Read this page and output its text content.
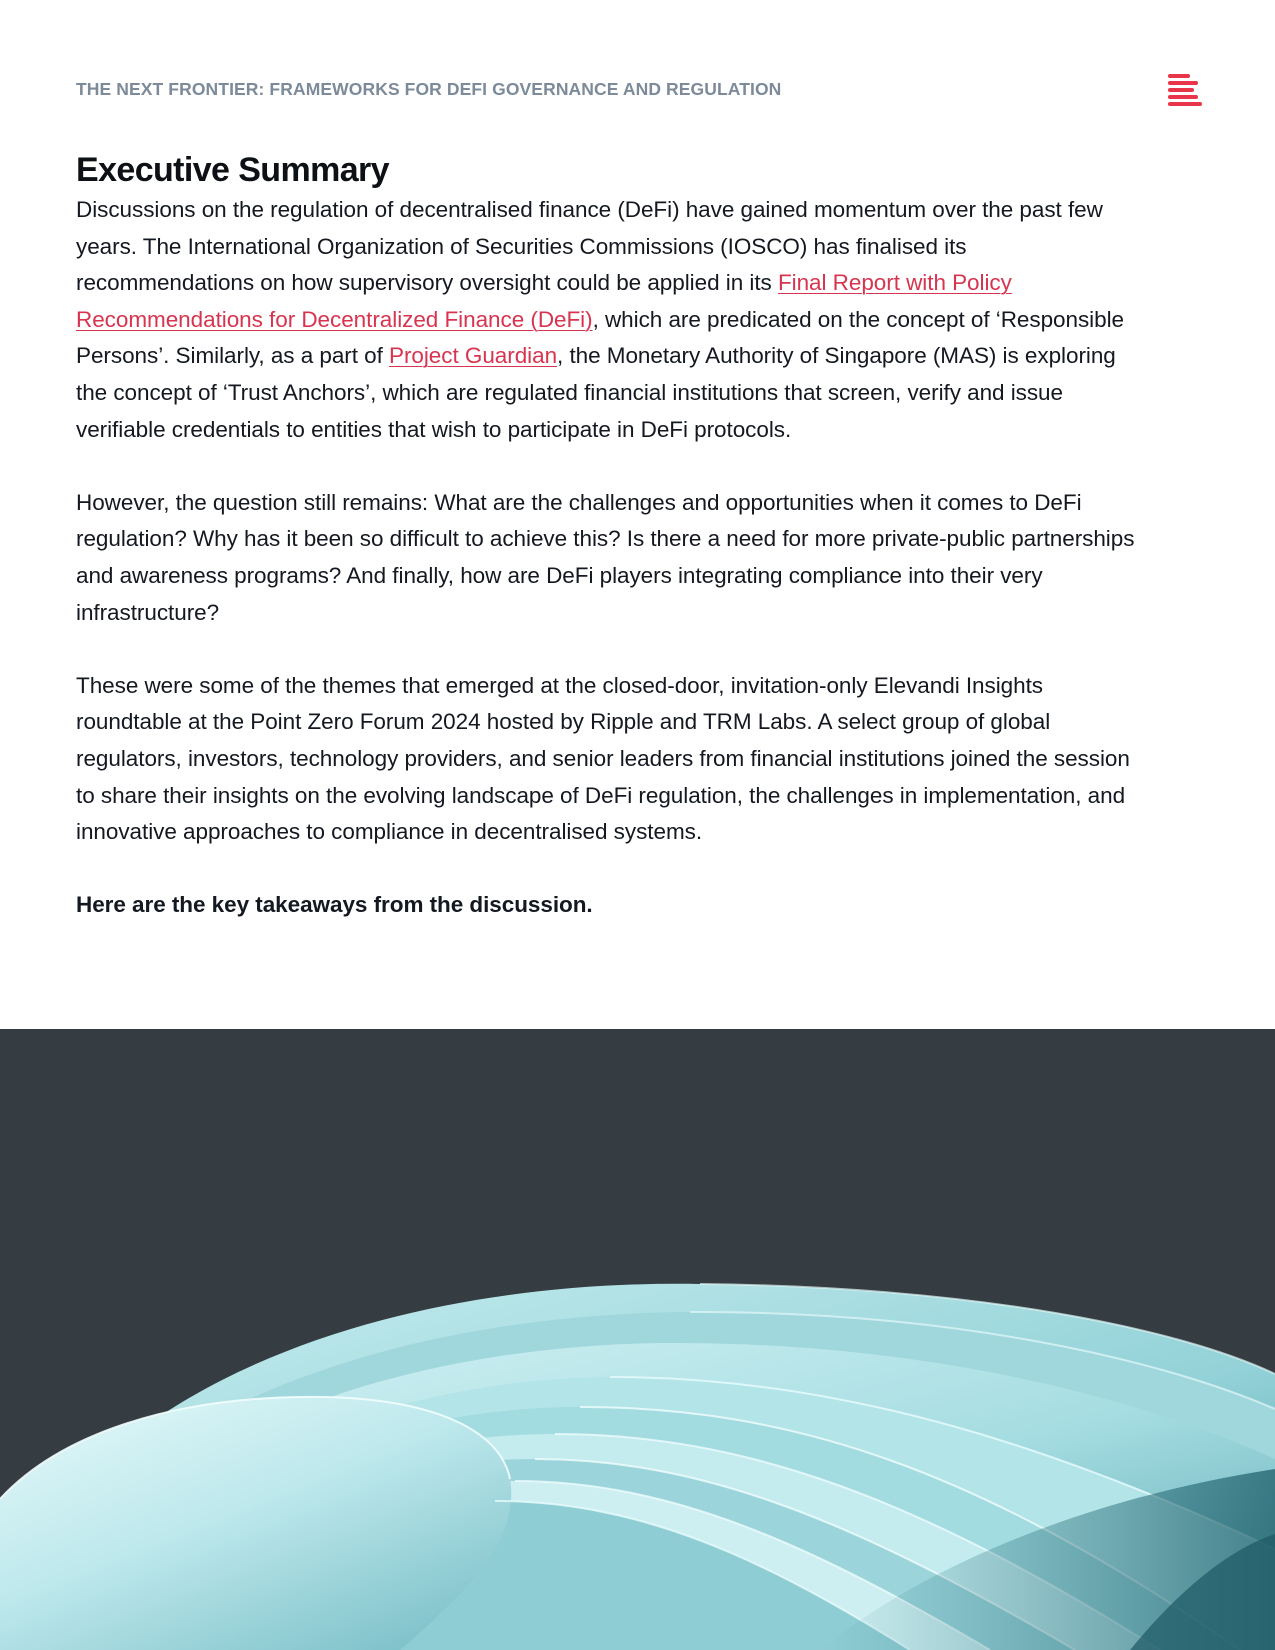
THE NEXT FRONTIER: FRAMEWORKS FOR DEFI GOVERNANCE AND REGULATION
Executive Summary

Discussions on the regulation of decentralised finance (DeFi) have gained momentum over the past few years. The International Organization of Securities Commissions (IOSCO) has finalised its recommendations on how supervisory oversight could be applied in its Final Report with Policy Recommendations for Decentralized Finance (DeFi), which are predicated on the concept of ‘Responsible Persons’. Similarly, as a part of Project Guardian, the Monetary Authority of Singapore (MAS) is exploring the concept of ‘Trust Anchors’, which are regulated financial institutions that screen, verify and issue verifiable credentials to entities that wish to participate in DeFi protocols.

However, the question still remains: What are the challenges and opportunities when it comes to DeFi regulation? Why has it been so difficult to achieve this? Is there a need for more private-public partnerships and awareness programs? And finally, how are DeFi players integrating compliance into their very infrastructure?

These were some of the themes that emerged at the closed-door, invitation-only Elevandi Insights roundtable at the Point Zero Forum 2024 hosted by Ripple and TRM Labs. A select group of global regulators, investors, technology providers, and senior leaders from financial institutions joined the session to share their insights on the evolving landscape of DeFi regulation, the challenges in implementation, and innovative approaches to compliance in decentralised systems.

Here are the key takeaways from the discussion.
